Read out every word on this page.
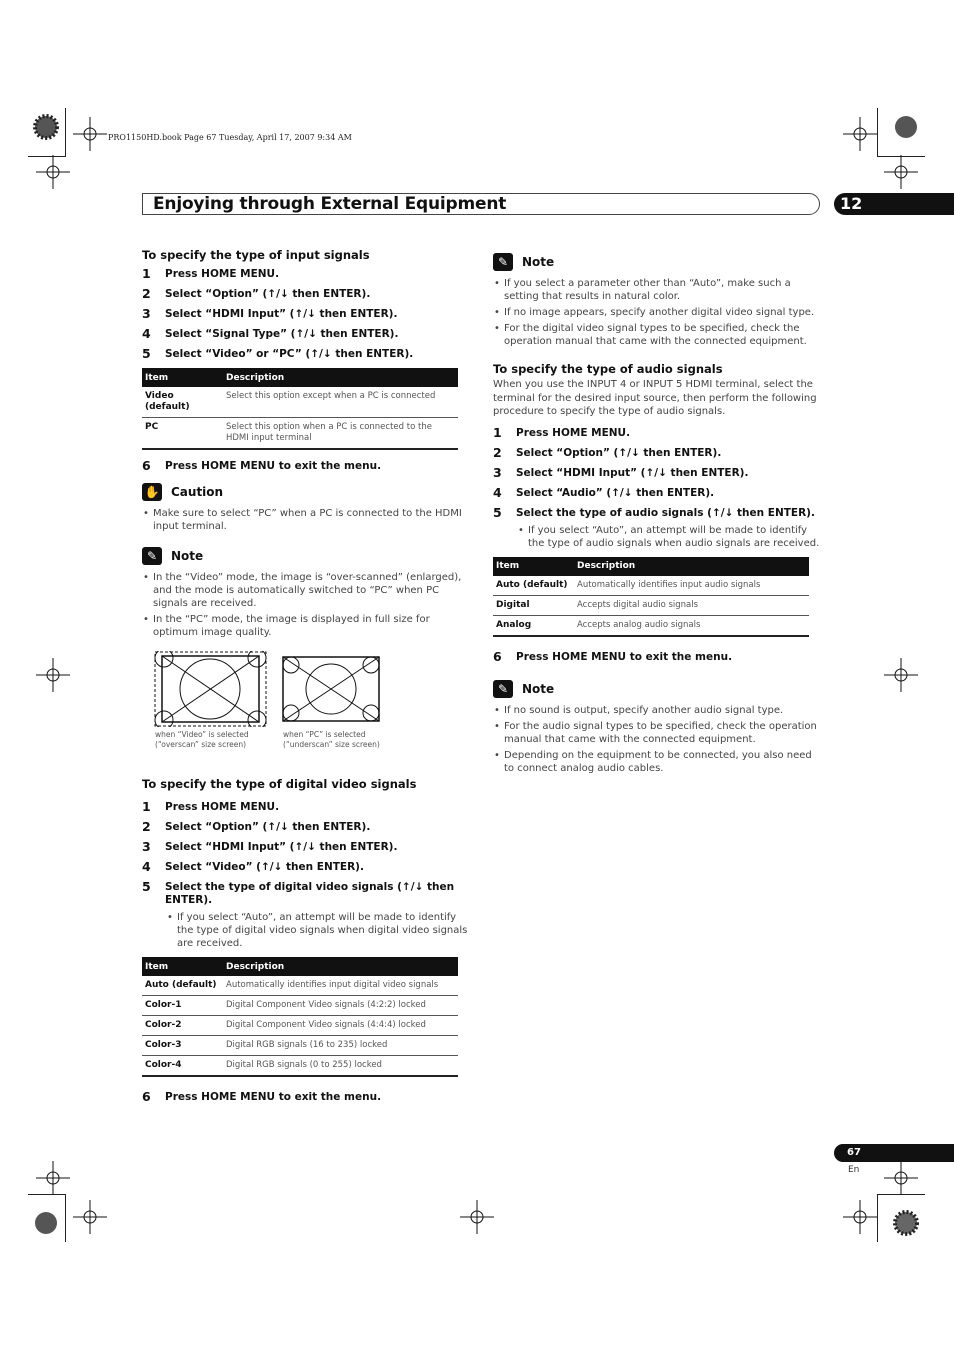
PRO1150HD.book Page 67 Tuesday, April 17, 2007 9:34 AM
Enjoying through External Equipment	12
To specify the type of input signals
1 Press HOME MENU.
2 Select “Option” (↑/↓ then ENTER).
3 Select “HDMI Input” (↑/↓ then ENTER).
4 Select “Signal Type” (↑/↓ then ENTER).
5 Select “Video” or “PC” (↑/↓ then ENTER).
Item	Description
Video (default)	Select this option except when a PC is connected
PC	Select this option when a PC is connected to the HDMI input terminal
6 Press HOME MENU to exit the menu.
✋ Caution
• Make sure to select “PC” when a PC is connected to the HDMI input terminal.
✎	Note
• In the “Video” mode, the image is “over-scanned” (enlarged), and the mode is automatically switched to “PC” when PC signals are received.
• In the “PC” mode, the image is displayed in full size for optimum image quality.
when “Video” is selected (“overscan” size screen)
when “PC” is selected (“underscan” size screen)
To specify the type of digital video signals
1 Press HOME MENU.
2 Select “Option” (↑/↓ then ENTER).
3 Select “HDMI Input” (↑/↓ then ENTER).
4 Select “Video” (↑/↓ then ENTER).
5 Select the type of digital video signals (↑/↓ then ENTER).
• If you select “Auto”, an attempt will be made to identify the type of digital video signals when digital video signals are received.
Item	Description
Auto (default)	Automatically identifies input digital video signals
Color-1	Digital Component Video signals (4:2:2) locked
Color-2	Digital Component Video signals (4:4:4) locked
Color-3	Digital RGB signals (16 to 235) locked
Color-4	Digital RGB signals (0 to 255) locked
6 Press HOME MENU to exit the menu.
✎	Note
• If you select a parameter other than “Auto”, make such a setting that results in natural color.
• If no image appears, specify another digital video signal type.
• For the digital video signal types to be specified, check the operation manual that came with the connected equipment.
To specify the type of audio signals
When you use the INPUT 4 or INPUT 5 HDMI terminal, select the terminal for the desired input source, then perform the following procedure to specify the type of audio signals.
1 Press HOME MENU.
2 Select “Option” (↑/↓ then ENTER).
3 Select “HDMI Input” (↑/↓ then ENTER).
4 Select “Audio” (↑/↓ then ENTER).
5 Select the type of audio signals (↑/↓ then ENTER).
• If you select “Auto”, an attempt will be made to identify the type of audio signals when audio signals are received.
Item	Description
Auto (default)	Automatically identifies input audio signals
Digital	Accepts digital audio signals
Analog	Accepts analog audio signals
6 Press HOME MENU to exit the menu.
✎	Note
• If no sound is output, specify another audio signal type.
• For the audio signal types to be specified, check the operation manual that came with the connected equipment.
• Depending on the equipment to be connected, you also need to connect analog audio cables.
67
En
